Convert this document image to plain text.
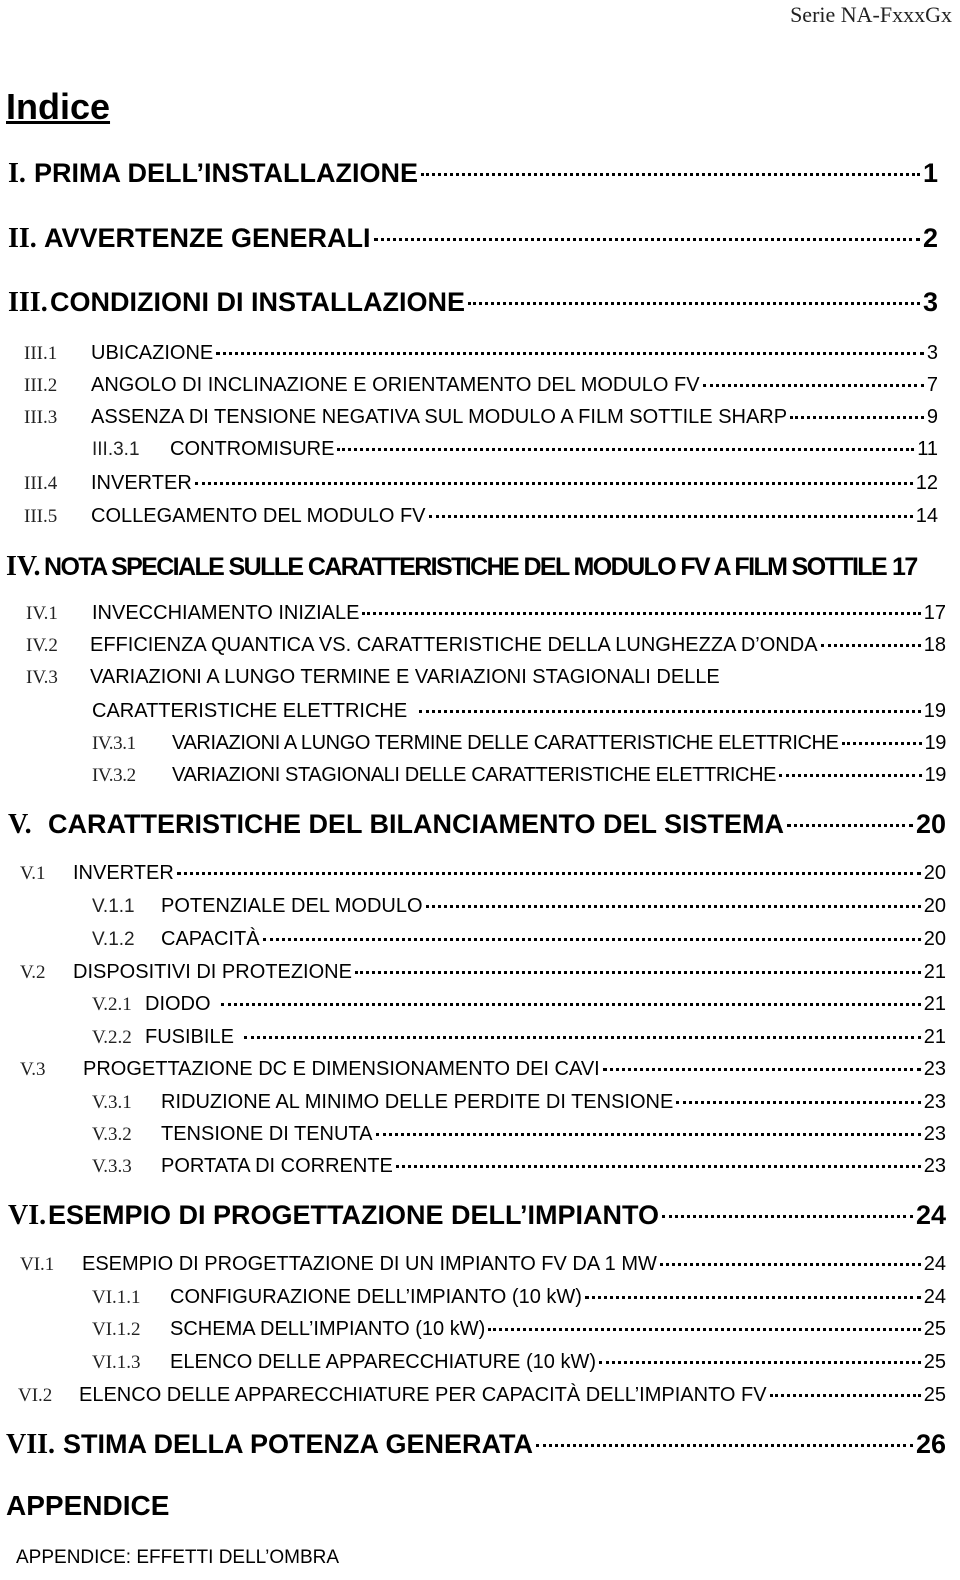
Serie NA-FxxxGx
Indice
I. PRIMA DELL’INSTALLAZIONE	1
II. AVVERTENZE GENERALI	2
III. CONDIZIONI DI INSTALLAZIONE	3
III.1	UBICAZIONE	3
III.2	ANGOLO DI INCLINAZIONE E ORIENTAMENTO DEL MODULO FV	7
III.3	ASSENZA DI TENSIONE NEGATIVA SUL MODULO A FILM SOTTILE SHARP	9
III.3.1	CONTROMISURE	11
III.4	INVERTER	12
III.5	COLLEGAMENTO DEL MODULO FV	14
IV. NOTA SPECIALE SULLE CARATTERISTICHE DEL MODULO FV A FILM SOTTILE 17
IV.1	INVECCHIAMENTO INIZIALE	17
IV.2	EFFICIENZA QUANTICA VS. CARATTERISTICHE DELLA LUNGHEZZA D’ONDA	18
IV.3	VARIAZIONI A LUNGO TERMINE E VARIAZIONI STAGIONALI DELLE
CARATTERISTICHE ELETTRICHE	19
IV.3.1	VARIAZIONI A LUNGO TERMINE DELLE CARATTERISTICHE ELETTRICHE	19
IV.3.2	VARIAZIONI STAGIONALI DELLE CARATTERISTICHE ELETTRICHE	19
V. CARATTERISTICHE DEL BILANCIAMENTO DEL SISTEMA	20
V.1	INVERTER	20
V.1.1	POTENZIALE DEL MODULO	20
V.1.2	CAPACITÀ	20
V.2	DISPOSITIVI DI PROTEZIONE	21
V.2.1 DIODO	21
V.2.2 FUSIBILE	21
V.3	PROGETTAZIONE DC E DIMENSIONAMENTO DEI CAVI	23
V.3.1	RIDUZIONE AL MINIMO DELLE PERDITE DI TENSIONE	23
V.3.2	TENSIONE DI TENUTA	23
V.3.3	PORTATA DI CORRENTE	23
VI. ESEMPIO DI PROGETTAZIONE DELL’IMPIANTO	24
VI.1	ESEMPIO DI PROGETTAZIONE DI UN IMPIANTO FV DA 1 MW	24
VI.1.1	CONFIGURAZIONE DELL’IMPIANTO (10 kW)	24
VI.1.2	SCHEMA DELL’IMPIANTO (10 kW)	25
VI.1.3	ELENCO DELLE APPARECCHIATURE (10 kW)	25
VI.2	ELENCO DELLE APPARECCHIATURE PER CAPACITÀ DELL’IMPIANTO FV	25
VII. STIMA DELLA POTENZA GENERATA	26
APPENDICE
APPENDICE: EFFETTI DELL’OMBRA
